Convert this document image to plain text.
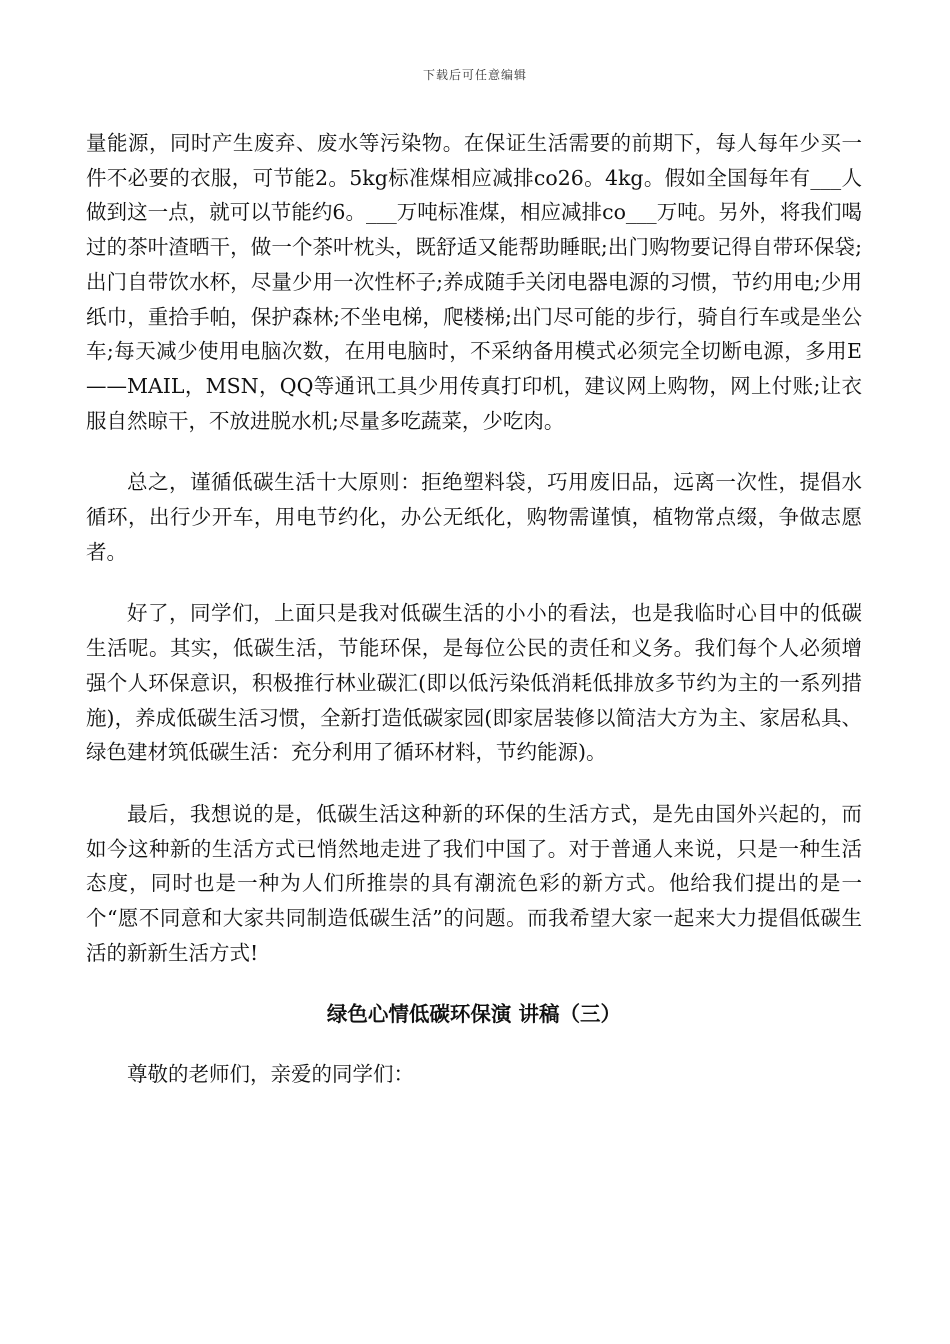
下载后可任意编辑

量能源，同时产生废弃、废水等污染物。在保证生活需要的前期下，每人每年少买一件不必要的衣服，可节能2。5kg标准煤相应减排co26。4kg。假如全国每年有___人做到这一点，就可以节能约6。___万吨标准煤，相应减排co___万吨。另外，将我们喝过的茶叶渣晒干，做一个茶叶枕头，既舒适又能帮助睡眠;出门购物要记得自带环保袋;出门自带饮水杯，尽量少用一次性杯子;养成随手关闭电器电源的习惯，节约用电;少用纸巾，重拾手帕，保护森林;不坐电梯，爬楼梯;出门尽可能的步行，骑自行车或是坐公车;每天减少使用电脑次数，在用电脑时，不采纳备用模式必须完全切断电源，多用E——MAIL，MSN，QQ等通讯工具少用传真打印机，建议网上购物，网上付账;让衣服自然晾干，不放进脱水机;尽量多吃蔬菜，少吃肉。

总之，谨循低碳生活十大原则：拒绝塑料袋，巧用废旧品，远离一次性，提倡水循环，出行少开车，用电节约化，办公无纸化，购物需谨慎，植物常点缀，争做志愿者。

好了，同学们，上面只是我对低碳生活的小小的看法，也是我临时心目中的低碳生活呢。其实，低碳生活，节能环保，是每位公民的责任和义务。我们每个人必须增强个人环保意识，积极推行林业碳汇(即以低污染低消耗低排放多节约为主的一系列措施)，养成低碳生活习惯，全新打造低碳家园(即家居装修以简洁大方为主、家居私具、绿色建材筑低碳生活：充分利用了循环材料，节约能源)。

最后，我想说的是，低碳生活这种新的环保的生活方式，是先由国外兴起的，而如今这种新的生活方式已悄然地走进了我们中国了。对于普通人来说，只是一种生活态度，同时也是一种为人们所推崇的具有潮流色彩的新方式。他给我们提出的是一个“愿不同意和大家共同制造低碳生活”的问题。而我希望大家一起来大力提倡低碳生活的新新生活方式!

绿色心情低碳环保演 讲稿（三）

尊敬的老师们，亲爱的同学们：
